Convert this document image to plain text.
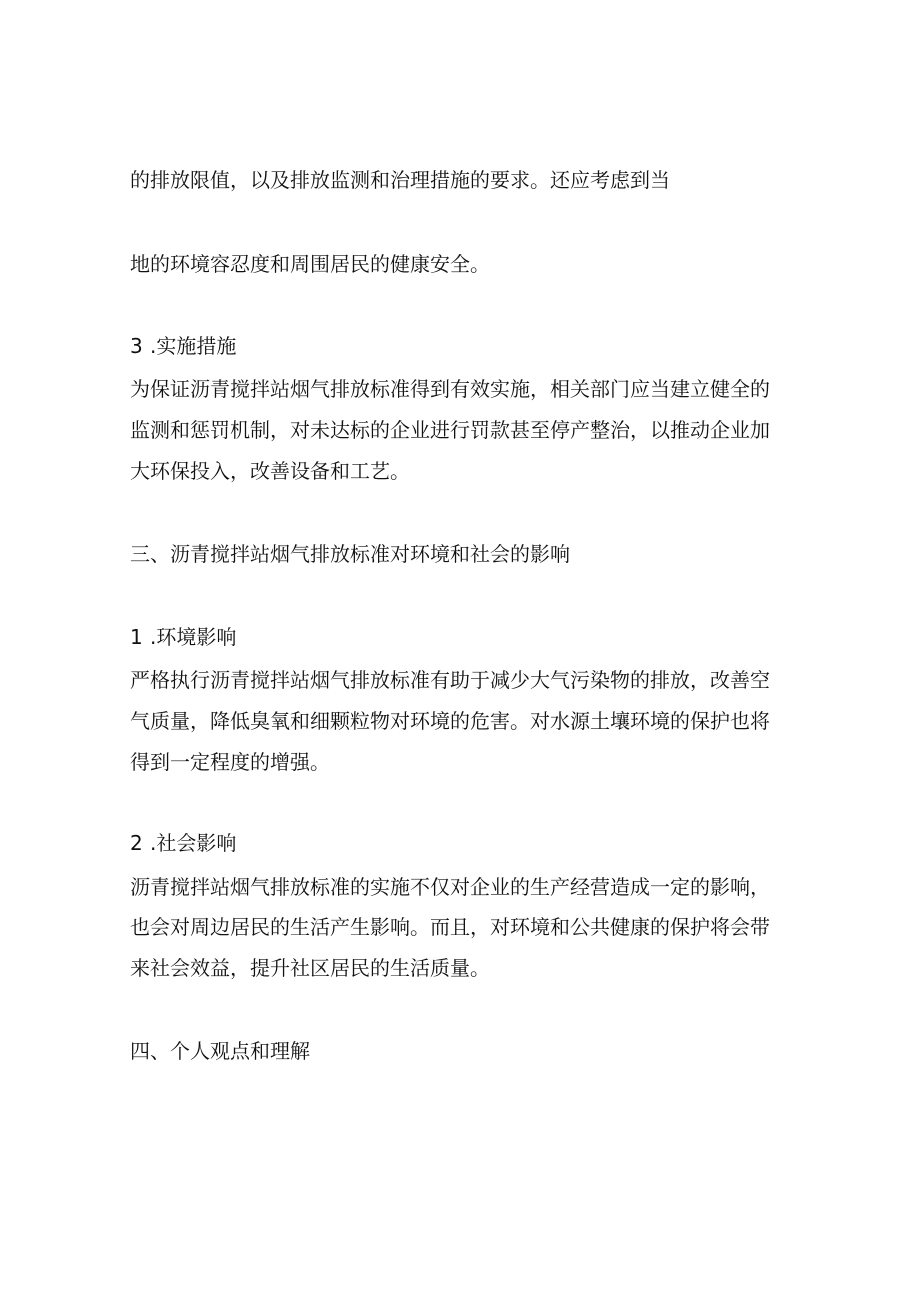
的排放限值，以及排放监测和治理措施的要求。还应考虑到当
地的环境容忍度和周围居民的健康安全。
3 .实施措施
为保证沥青搅拌站烟气排放标准得到有效实施，相关部门应当建立健全的
监测和惩罚机制，对未达标的企业进行罚款甚至停产整治，以推动企业加
大环保投入，改善设备和工艺。
三、沥青搅拌站烟气排放标准对环境和社会的影响
1 .环境影响
严格执行沥青搅拌站烟气排放标准有助于减少大气污染物的排放，改善空
气质量，降低臭氧和细颗粒物对环境的危害。对水源土壤环境的保护也将
得到一定程度的增强。
2 .社会影响
沥青搅拌站烟气排放标准的实施不仅对企业的生产经营造成一定的影响，
也会对周边居民的生活产生影响。而且，对环境和公共健康的保护将会带
来社会效益，提升社区居民的生活质量。
四、个人观点和理解
